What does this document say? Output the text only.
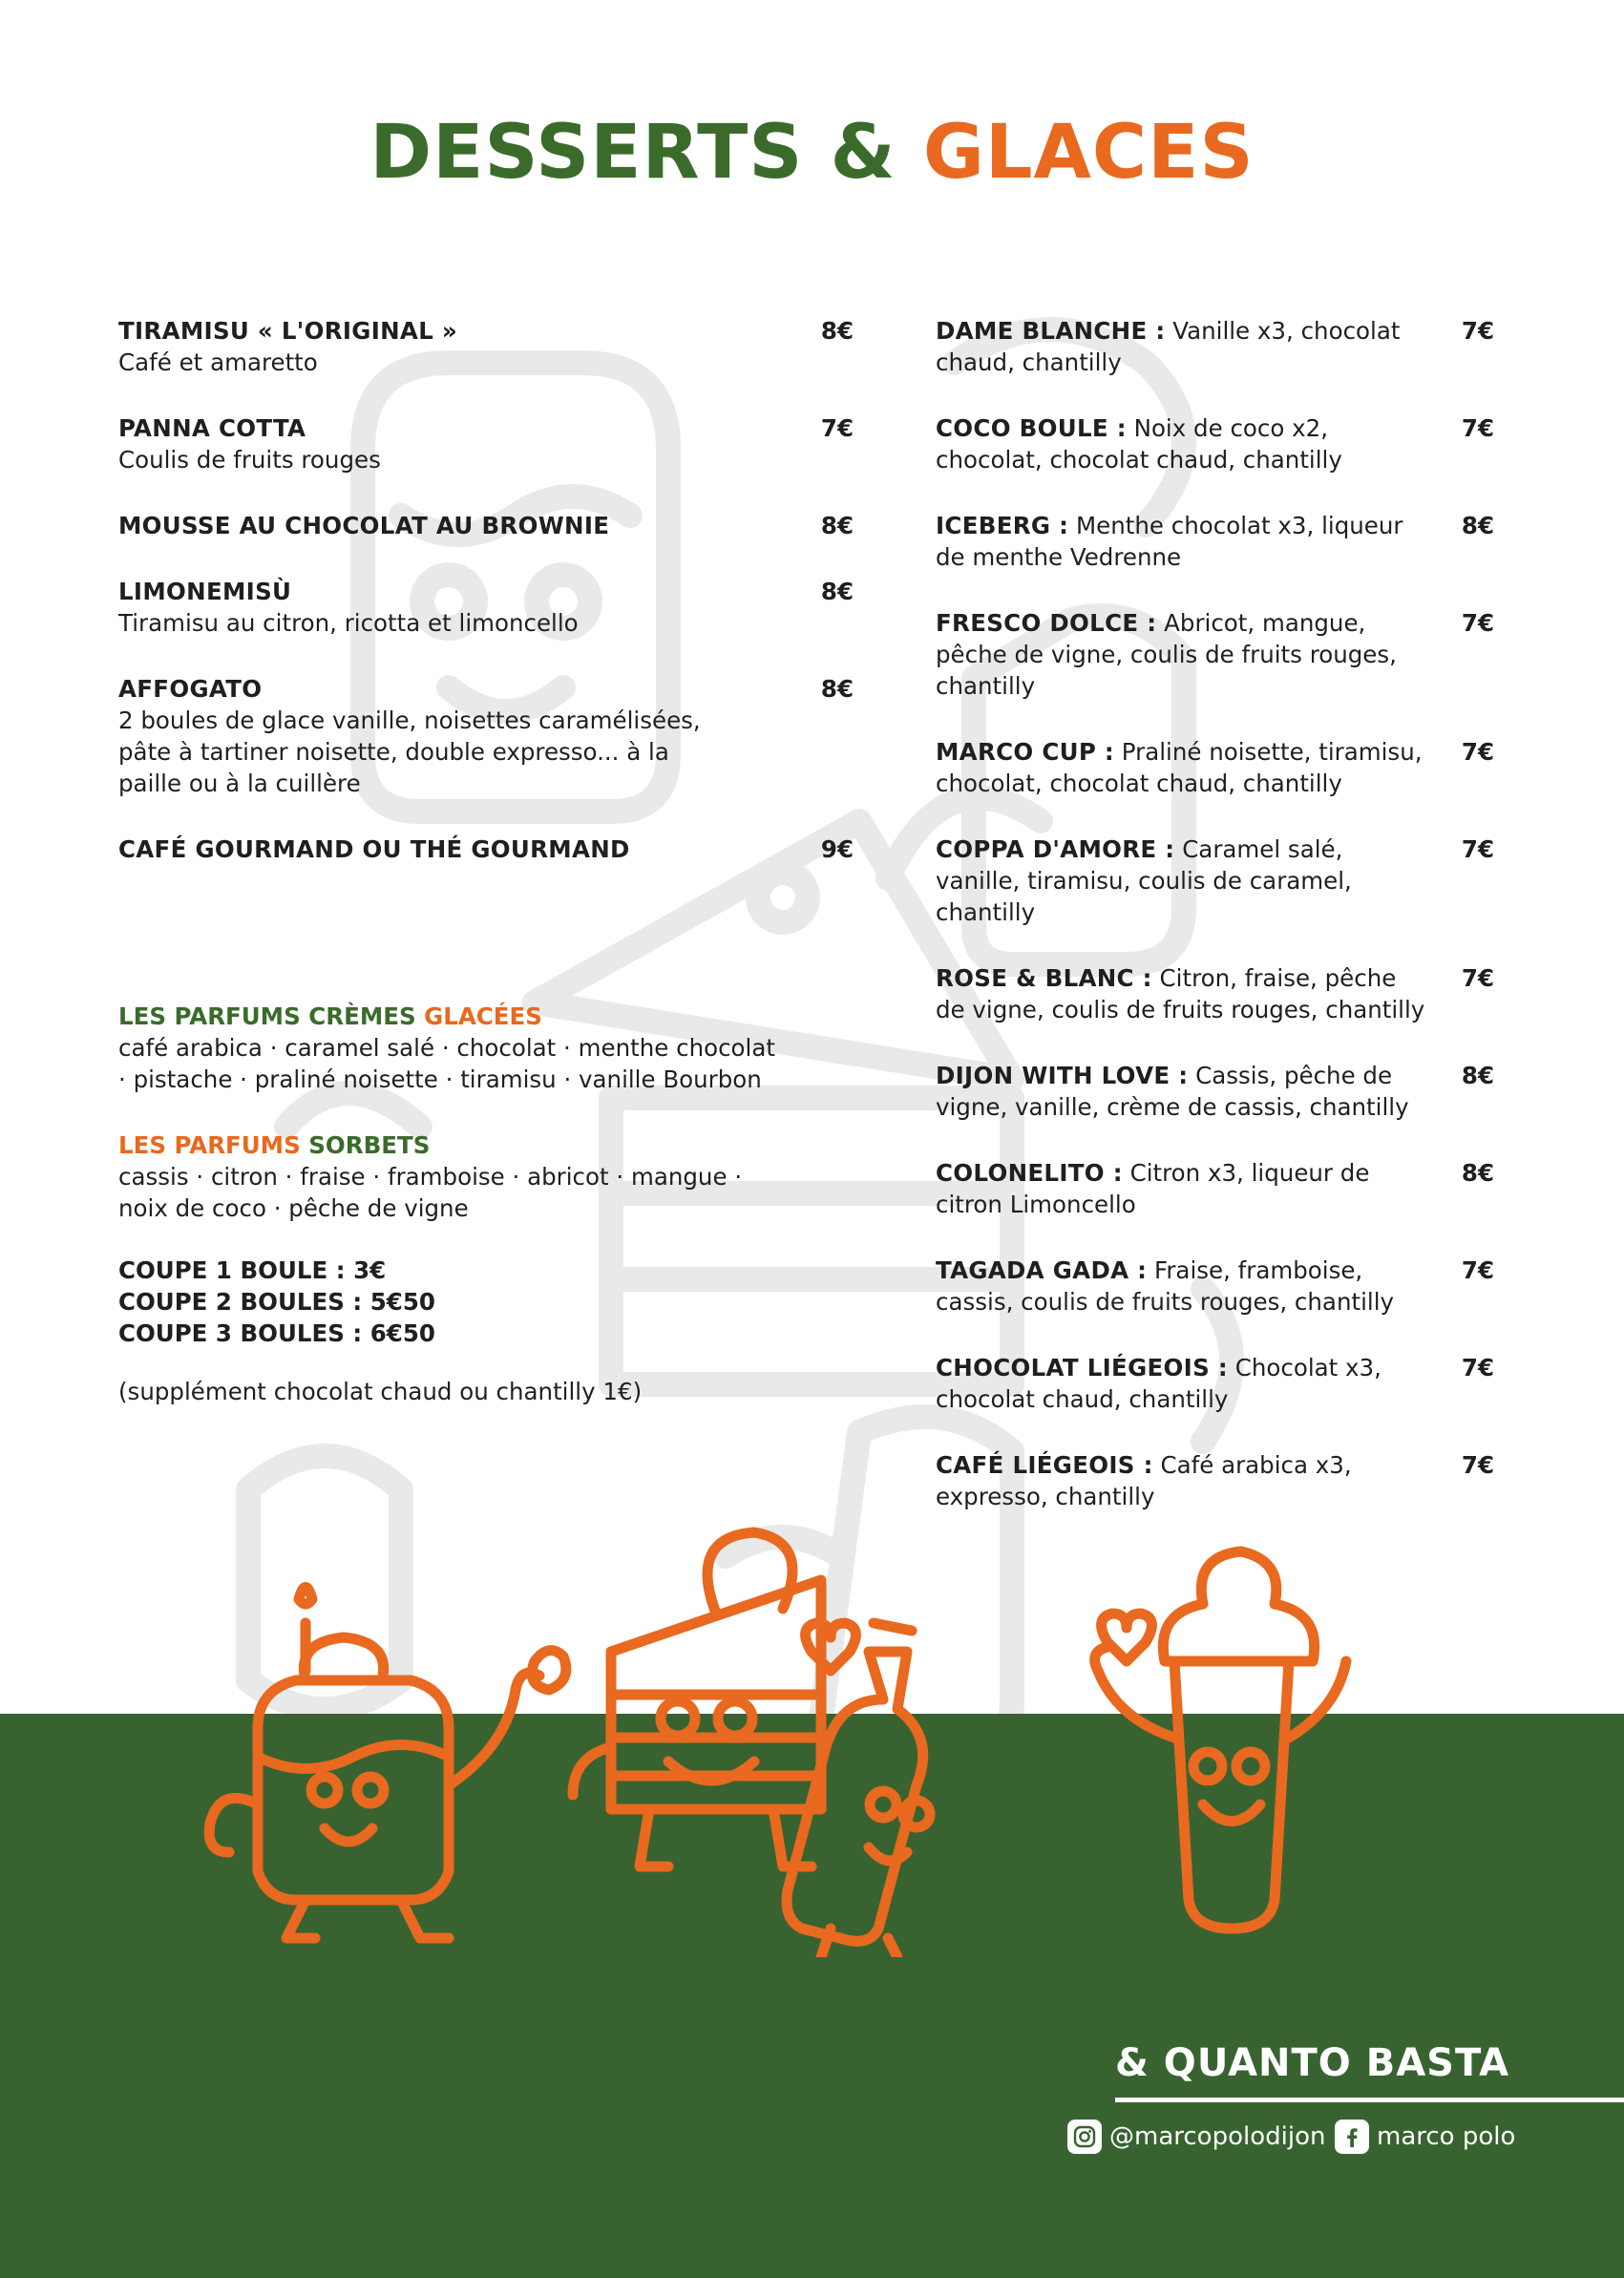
DESSERTS & GLACES
TIRAMISU « L'ORIGINAL »	8€
Café et amaretto
PANNA COTTA	7€
Coulis de fruits rouges
MOUSSE AU CHOCOLAT AU BROWNIE	8€
LIMONEMISÙ	8€
Tiramisu au citron, ricotta et limoncello
AFFOGATO	8€
2 boules de glace vanille, noisettes caramélisées, pâte à tartiner noisette, double expresso... à la paille ou à la cuillère
CAFÉ GOURMAND OU THÉ GOURMAND	9€
LES PARFUMS CRÈMES GLACÉES
café arabica · caramel salé · chocolat · menthe chocolat · pistache · praliné noisette · tiramisu · vanille Bourbon
LES PARFUMS SORBETS
cassis · citron · fraise · framboise · abricot · mangue · noix de coco · pêche de vigne
COUPE 1 BOULE : 3€
COUPE 2 BOULES : 5€50
COUPE 3 BOULES : 6€50
(supplément chocolat chaud ou chantilly 1€)
DAME BLANCHE : Vanille x3, chocolat chaud, chantilly
7€
COCO BOULE : Noix de coco x2, chocolat, chocolat chaud, chantilly
7€
ICEBERG : Menthe chocolat x3, liqueur de menthe Vedrenne
8€
FRESCO DOLCE : Abricot, mangue, pêche de vigne, coulis de fruits rouges, chantilly
7€
MARCO CUP : Praliné noisette, tiramisu, chocolat, chocolat chaud, chantilly
7€
COPPA D'AMORE : Caramel salé, vanille, tiramisu, coulis de caramel, chantilly
7€
ROSE & BLANC : Citron, fraise, pêche de vigne, coulis de fruits rouges, chantilly
7€
DIJON WITH LOVE : Cassis, pêche de vigne, vanille, crème de cassis, chantilly
8€
COLONELITO : Citron x3, liqueur de citron Limoncello
8€
TAGADA GADA : Fraise, framboise, cassis, coulis de fruits rouges, chantilly
7€
CHOCOLAT LIÉGEOIS : Chocolat x3, chocolat chaud, chantilly
7€
CAFÉ LIÉGEOIS : Café arabica x3, expresso, chantilly
7€
& QUANTO BASTA
@marcopolodijon marco polo
